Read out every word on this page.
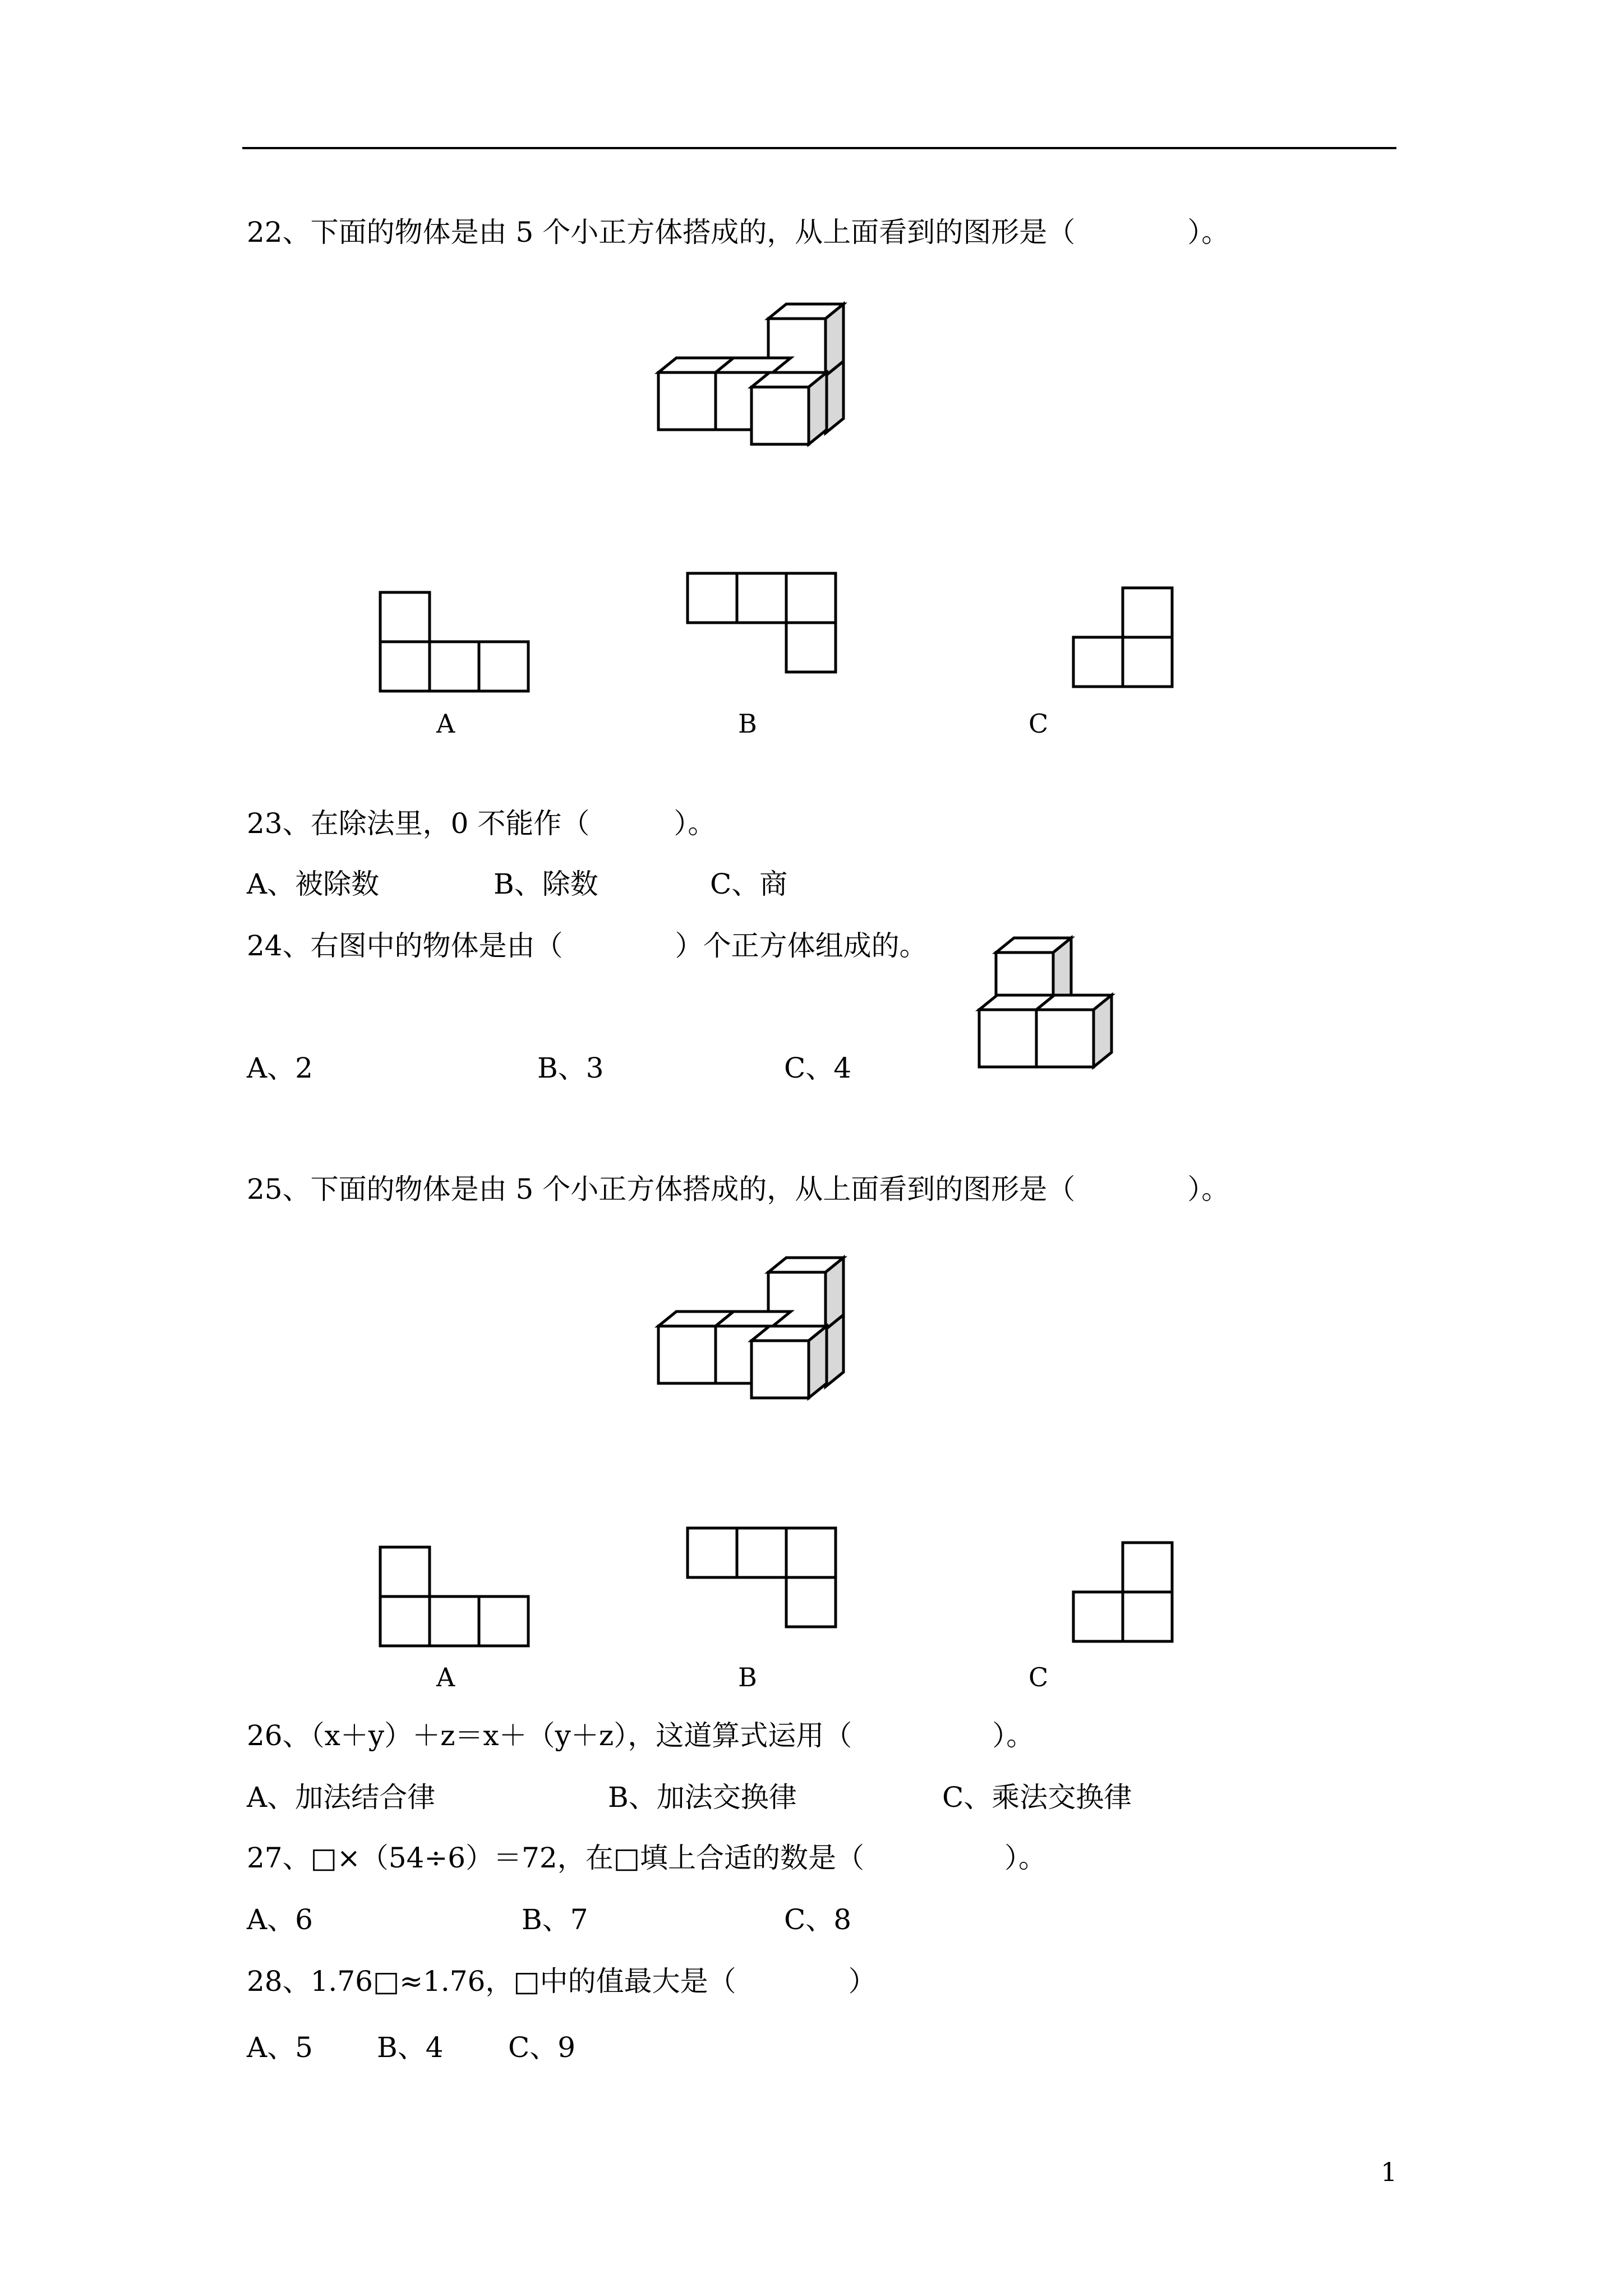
22、下面的物体是由 5 个小正方体搭成的，从上面看到的图形是（　　　　）。
A	B	C
23、在除法里，0 不能作（　　　）。
A、被除数	B、除数	C、商
24、右图中的物体是由（　　　　）个正方体组成的。
A、2	B、3	C、4
25、下面的物体是由 5 个小正方体搭成的，从上面看到的图形是（　　　　）。
A	B	C
26、（x＋y）＋z＝x＋（y＋z），这道算式运用（　　　　　）。
A、加法结合律	B、加法交换律	C、乘法交换律
27、□×（54÷6）＝72，在□填上合适的数是（　　　　　）。
A、6	B、7	C、8
28、1.76□≈1.76，□中的值最大是（　　　　）
A、5 B、4 C、9
1
